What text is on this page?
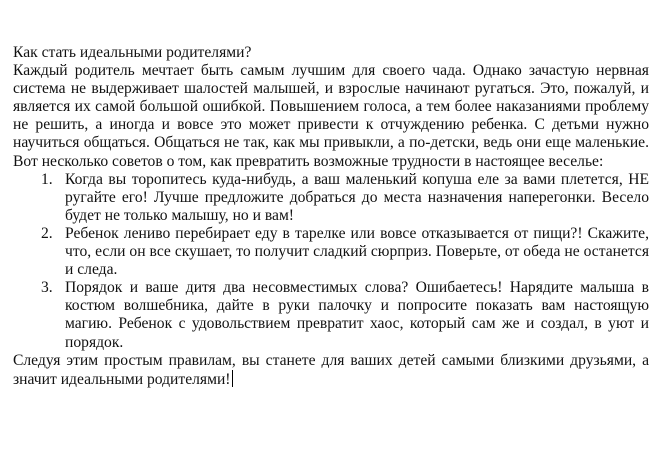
Как стать идеальными родителями?

Каждый родитель мечтает быть самым лучшим для своего чада. Однако зачастую нервная система не выдерживает шалостей малышей, и взрослые начинают ругаться. Это, пожалуй, и является их самой большой ошибкой. Повышением голоса, а тем более наказаниями проблему не решить, а иногда и вовсе это может привести к отчуждению ребенка. С детьми нужно научиться общаться. Общаться не так, как мы привыкли, а по-детски, ведь они еще маленькие. Вот несколько советов о том, как превратить возможные трудности в настоящее веселье:

1. Когда вы торопитесь куда-нибудь, а ваш маленький копуша еле за вами плетется, НЕ ругайте его! Лучше предложите добраться до места назначения наперегонки. Весело будет не только малышу, но и вам!
2. Ребенок лениво перебирает еду в тарелке или вовсе отказывается от пищи?! Скажите, что, если он все скушает, то получит сладкий сюрприз. Поверьте, от обеда не останется и следа.
3. Порядок и ваше дитя два несовместимых слова? Ошибаетесь! Нарядите малыша в костюм волшебника, дайте в руки палочку и попросите показать вам настоящую магию. Ребенок с удовольствием превратит хаос, который сам же и создал, в уют и порядок.

Следуя этим простым правилам, вы станете для ваших детей самыми близкими друзьями, а значит идеальными родителями!
